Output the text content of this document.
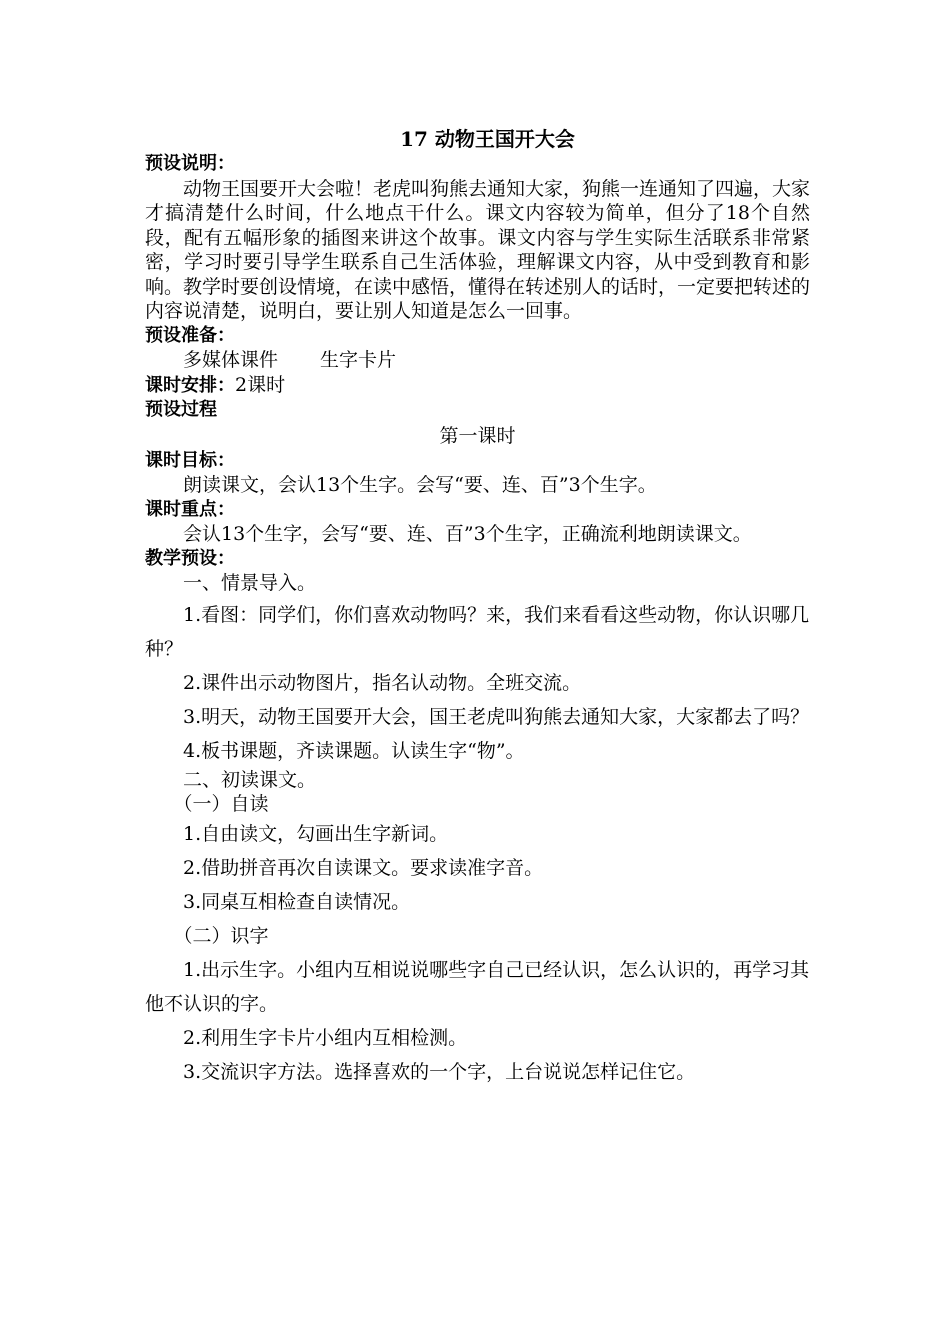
17 动物王国开大会
预设说明：
动物王国要开大会啦！老虎叫狗熊去通知大家，狗熊一连通知了四遍，大家才搞清楚什么时间，什么地点干什么。课文内容较为简单，但分了18个自然段，配有五幅形象的插图来讲这个故事。课文内容与学生实际生活联系非常紧密，学习时要引导学生联系自己生活体验，理解课文内容，从中受到教育和影响。教学时要创设情境，在读中感悟，懂得在转述别人的话时，一定要把转述的内容说清楚，说明白，要让别人知道是怎么一回事。
预设准备：
多媒体课件 生字卡片
课时安排：2课时
预设过程
第一课时
课时目标：
朗读课文，会认13个生字。会写“要、连、百”3个生字。
课时重点：
会认13个生字，会写“要、连、百”3个生字，正确流利地朗读课文。
教学预设：
一、情景导入。
1.看图：同学们，你们喜欢动物吗？来，我们来看看这些动物，你认识哪几种？
2.课件出示动物图片，指名认动物。全班交流。
3.明天，动物王国要开大会，国王老虎叫狗熊去通知大家，大家都去了吗？
4.板书课题，齐读课题。认读生字“物”。
二、初读课文。
（一）自读
1.自由读文，勾画出生字新词。
2.借助拼音再次自读课文。要求读准字音。
3.同桌互相检查自读情况。
（二）识字
1.出示生字。小组内互相说说哪些字自己已经认识，怎么认识的，再学习其他不认识的字。
2.利用生字卡片小组内互相检测。
3.交流识字方法。选择喜欢的一个字，上台说说怎样记住它。
